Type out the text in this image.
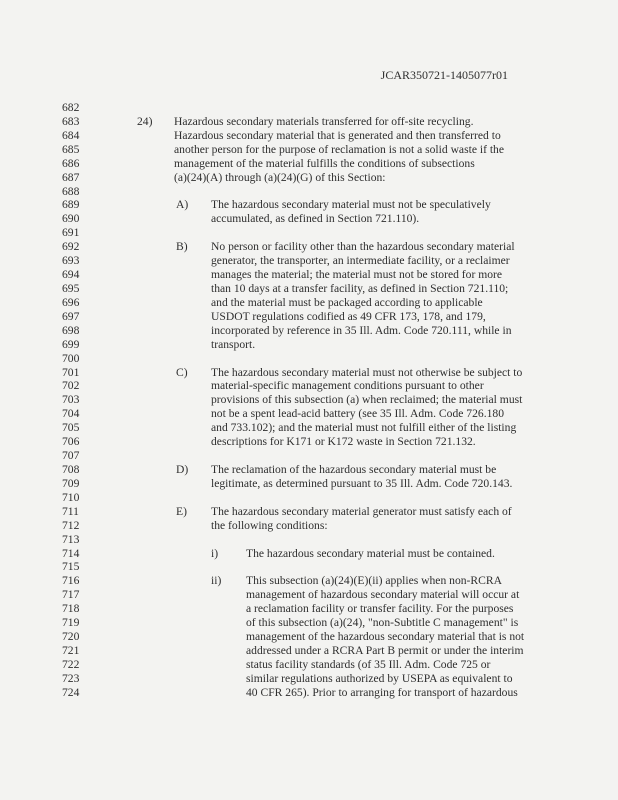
JCAR350721-1405077r01
682
683	24) Hazardous secondary materials transferred for off-site recycling.
684	Hazardous secondary material that is generated and then transferred to
685	another person for the purpose of reclamation is not a solid waste if the
686	management of the material fulfills the conditions of subsections
687	(a)(24)(A) through (a)(24)(G) of this Section:
688
689	A) The hazardous secondary material must not be speculatively
690	accumulated, as defined in Section 721.110).
691
692	B) No person or facility other than the hazardous secondary material
693	generator, the transporter, an intermediate facility, or a reclaimer
694	manages the material; the material must not be stored for more
695	than 10 days at a transfer facility, as defined in Section 721.110;
696	and the material must be packaged according to applicable
697	USDOT regulations codified as 49 CFR 173, 178, and 179,
698	incorporated by reference in 35 Ill. Adm. Code 720.111, while in
699	transport.
700
701	C) The hazardous secondary material must not otherwise be subject to
702	material-specific management conditions pursuant to other
703	provisions of this subsection (a) when reclaimed; the material must
704	not be a spent lead-acid battery (see 35 Ill. Adm. Code 726.180
705	and 733.102); and the material must not fulfill either of the listing
706	descriptions for K171 or K172 waste in Section 721.132.
707
708	D) The reclamation of the hazardous secondary material must be
709	legitimate, as determined pursuant to 35 Ill. Adm. Code 720.143.
710
711	E) The hazardous secondary material generator must satisfy each of
712	the following conditions:
713
714	i) The hazardous secondary material must be contained.
715
716	ii) This subsection (a)(24)(E)(ii) applies when non-RCRA
717	management of hazardous secondary material will occur at
718	a reclamation facility or transfer facility. For the purposes
719	of this subsection (a)(24), "non-Subtitle C management" is
720	management of the hazardous secondary material that is not
721	addressed under a RCRA Part B permit or under the interim
722	status facility standards (of 35 Ill. Adm. Code 725 or
723	similar regulations authorized by USEPA as equivalent to
724	40 CFR 265). Prior to arranging for transport of hazardous
